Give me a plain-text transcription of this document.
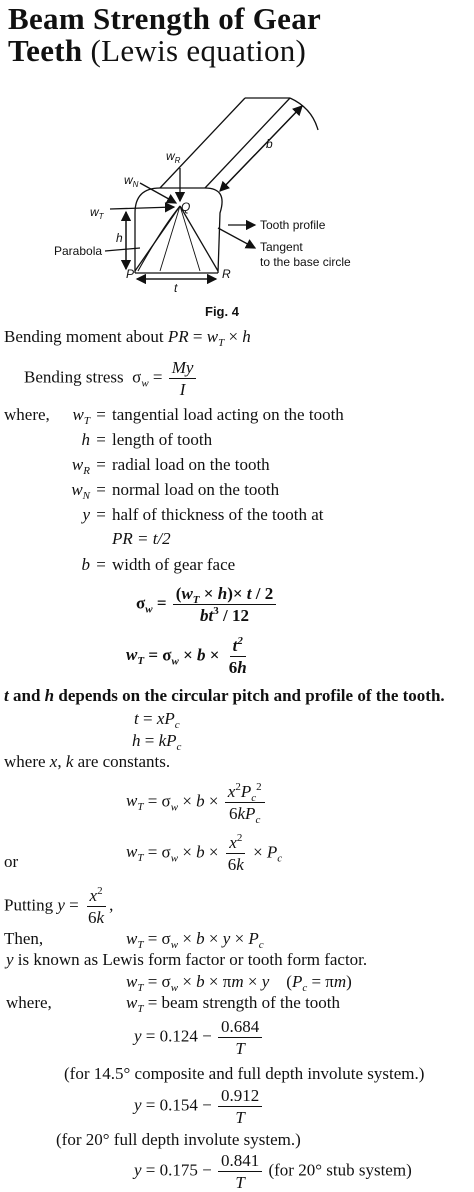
Beam Strength of Gear
Teeth (Lewis equation)
$w_R$
$w_N$
$w_T$
h
b
Q
P	R
t
Parabola
Tooth profile
Tangent
to the base circle
Fig. 4
Bending moment about PR = $w_T \times h$
Bending stress  $\sigma_w = \frac{My}{I}$
where,	$w_T$ = tangential load acting on the tooth
h = length of tooth
$w_R$ = radial load on the tooth
$w_N$ = normal load on the tooth
y = half of thickness of the tooth at
PR = t/2
b = width of gear face
$\sigma_w = \frac{(w_T \times h)\times t / 2}{bt^3 / 12}$
$w_T = \sigma_w \times b \times \frac{t^2}{6h}$
t and h depends on the circular pitch and profile of the tooth.
$t = xP_c$
$h = kP_c$
where x, k are constants.
$w_T = \sigma_w \times b \times \frac{x^2P_c^2}{6kP_c}$
or
$w_T = \sigma_w \times b \times \frac{x^2}{6k} \times P_c$
Putting $y = \frac{x^2}{6k}$ ,
Then,	$w_T = \sigma_w \times b \times y \times P_c$
y is known as Lewis form factor or tooth form factor.
$w_T = \sigma_w \times b \times \pi m \times y$    $(P_c = \pi m)$
where,	$w_T$ = beam strength of the tooth
$y = 0.124 - \frac{0.684}{T}$
(for 14.5° composite and full depth involute system.)
$y = 0.154 - \frac{0.912}{T}$
(for 20° full depth involute system.)
$y = 0.175 - \frac{0.841}{T} (for$ 20° stub system)
